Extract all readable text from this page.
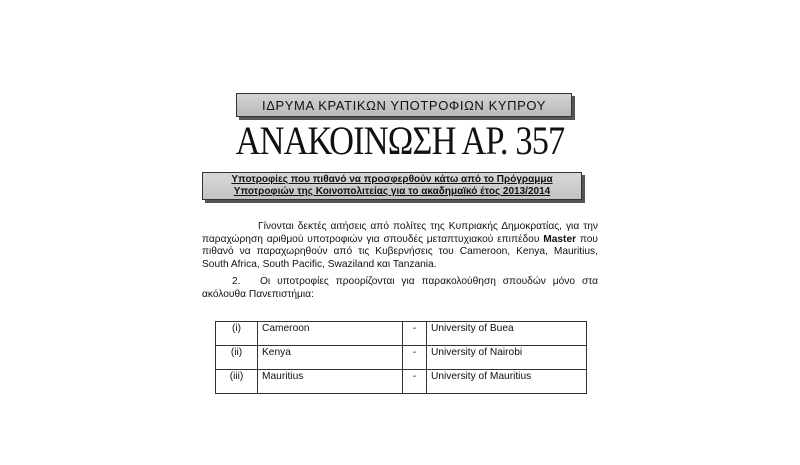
ΙΔΡΥΜΑ ΚΡΑΤΙΚΩΝ ΥΠΟΤΡΟΦΙΩΝ ΚΥΠΡΟΥ
ΑΝΑΚΟΙΝΩΣΗ ΑΡ. 357
Υποτροφίες που πιθανό να προσφερθούν κάτω από το Πρόγραμμα
Υποτροφιών της Κοινοπολιτείας για το ακαδημαϊκό έτος 2013/2014
Γίνονται δεκτές αιτήσεις από πολίτες της Κυπριακής Δημοκρατίας, για την παραχώρηση αριθμού υποτροφιών για σπουδές μεταπτυχιακού επιπέδου Master που πιθανό να παραχωρηθούν από τις Κυβερνήσεις του Cameroon, Kenya, Mauritius, South Africa, South Pacific, Swaziland και Tanzania.
2. Οι υποτροφίες προορίζονται για παρακολούθηση σπουδών μόνο στα ακόλουθα Πανεπιστήμια:
(i)	Cameroon	-	University of Buea
(ii)	Kenya	-	University of Nairobi
(iii)	Mauritius	-	University of Mauritius
